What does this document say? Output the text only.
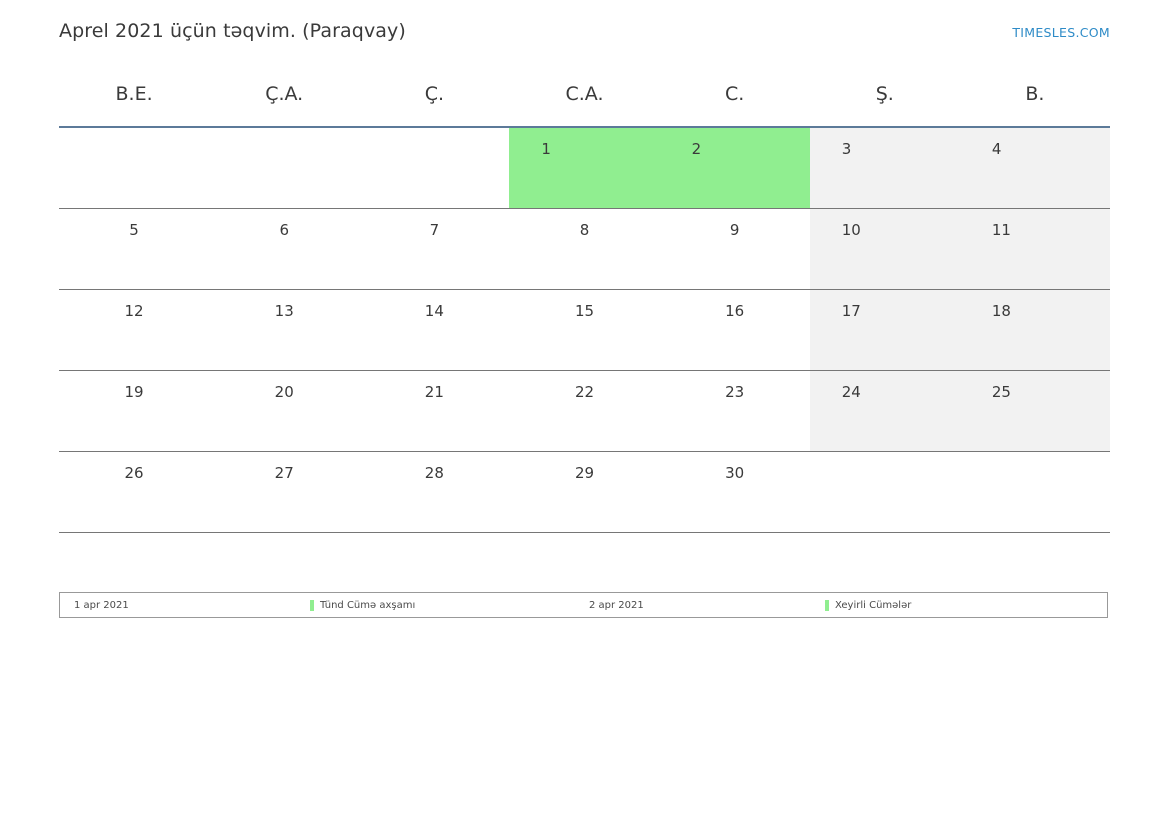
Aprel 2021 üçün təqvim. (Paraqvay)	TIMESLES.COM
B.E.	Ç.A.	Ç.	C.A.	C.	Ş.	B.

			1	2	3	4

5	6	7	8	9	10	11

12	13	14	15	16	17	18

19	20	21	22	23	24	25

26	27	28	29	30		

1 apr 2021	Tünd Cümə axşamı	2 apr 2021	Xeyirli Cümələr
